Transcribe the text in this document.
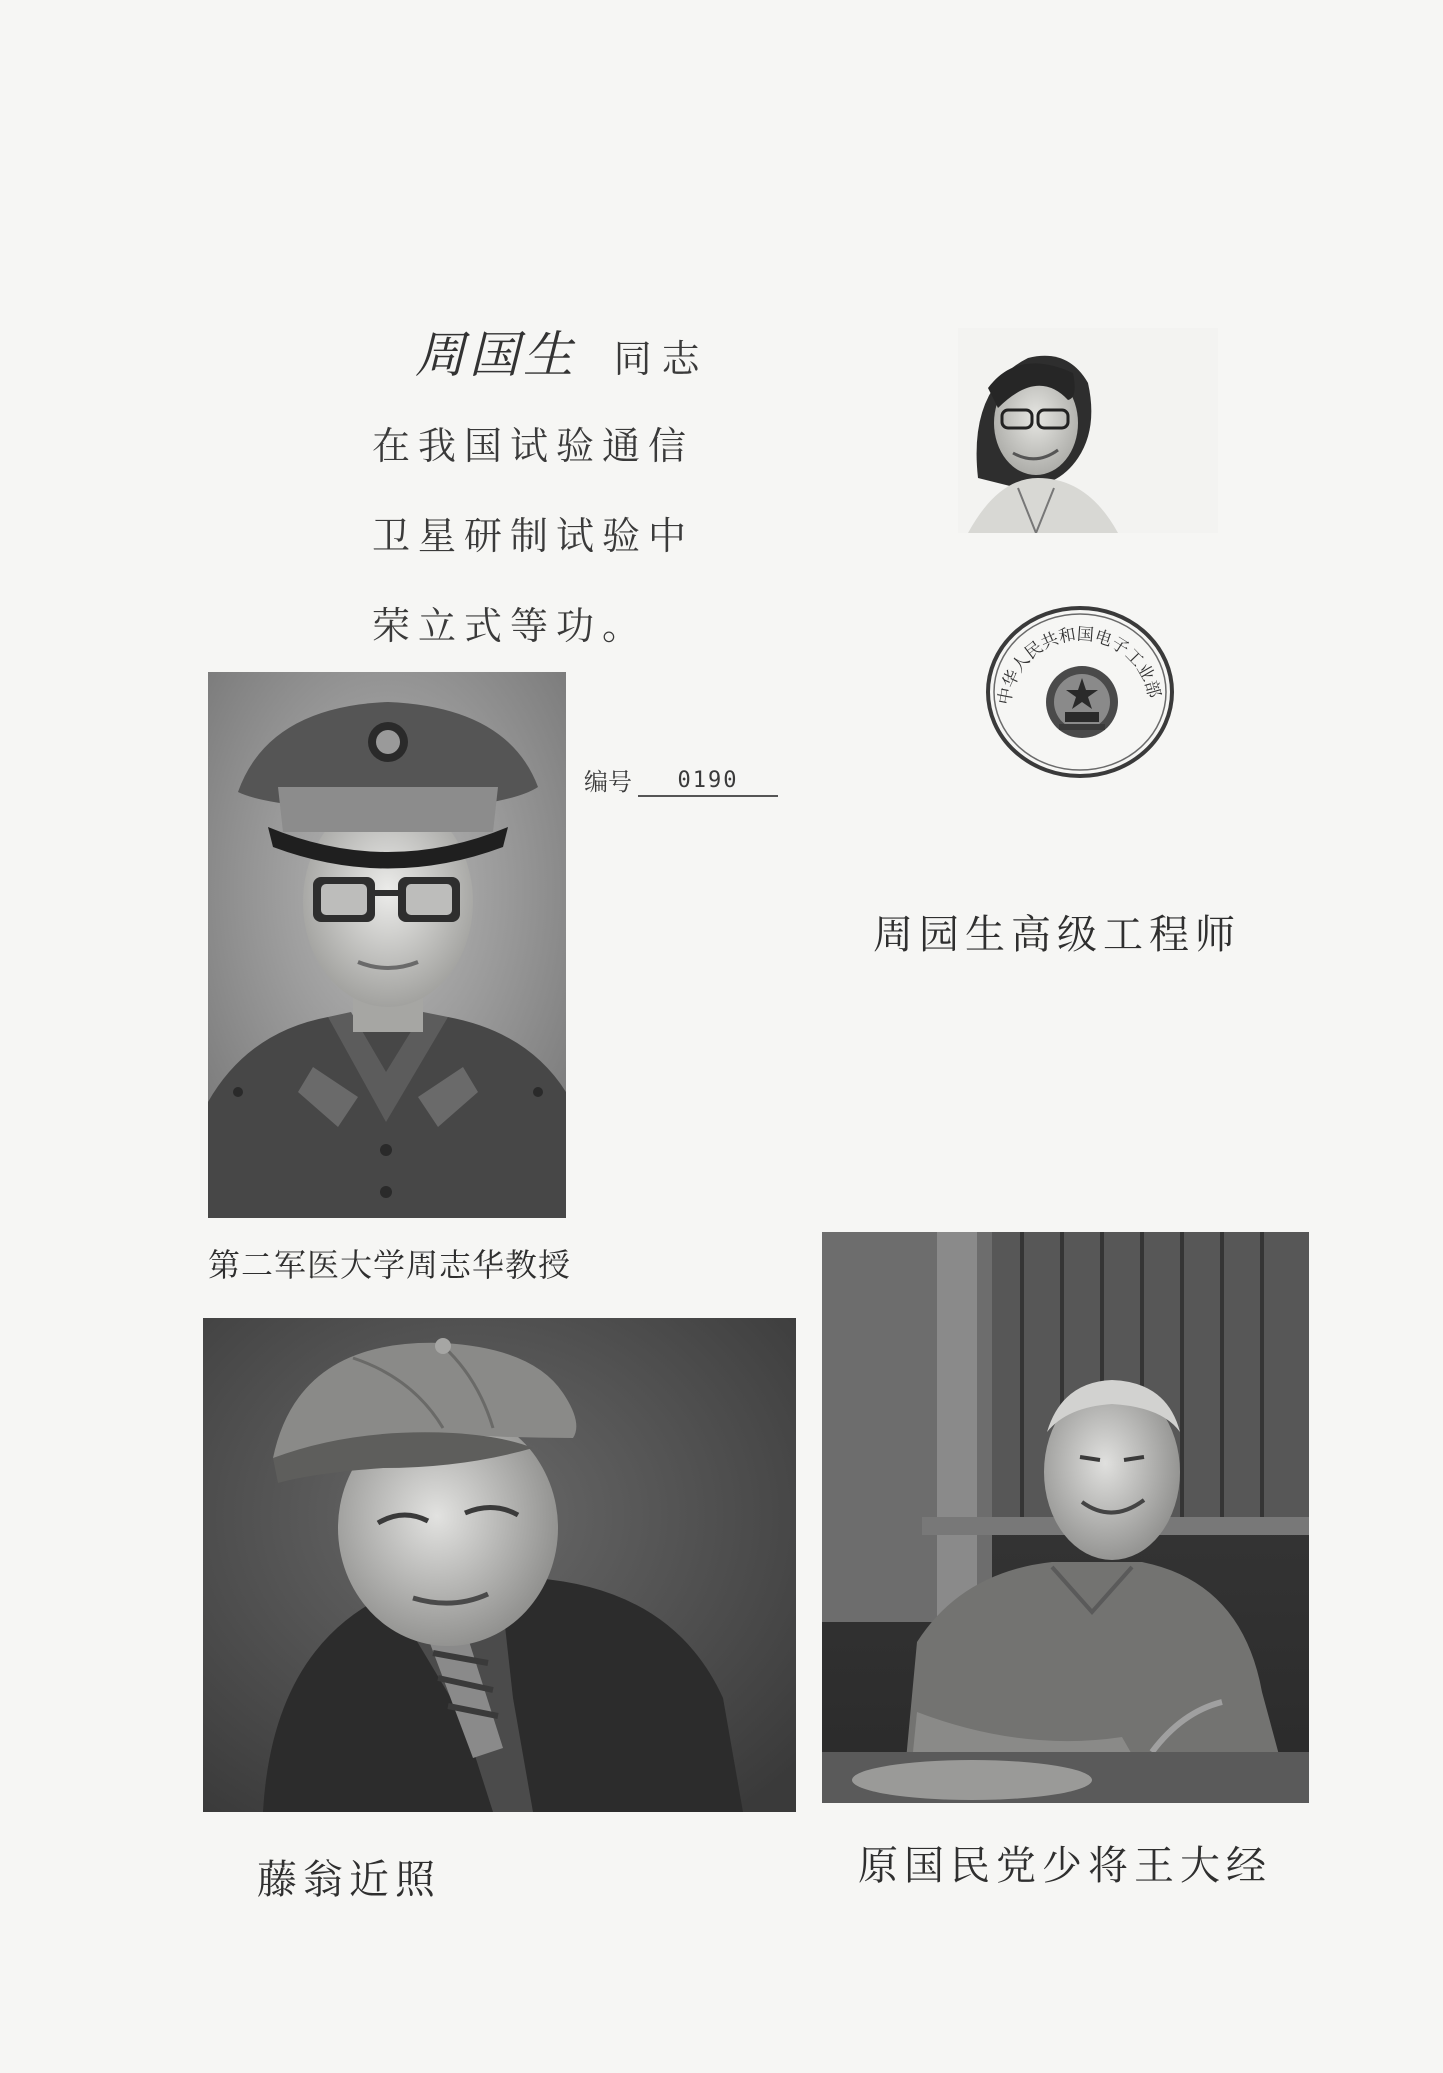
周国生 同志
在我国试验通信
卫星研制试验中
荣立式等功。
编号	0190
中华人民共和国电子工业部
周园生高级工程师
第二军医大学周志华教授
藤翁近照	原国民党少将王大经
